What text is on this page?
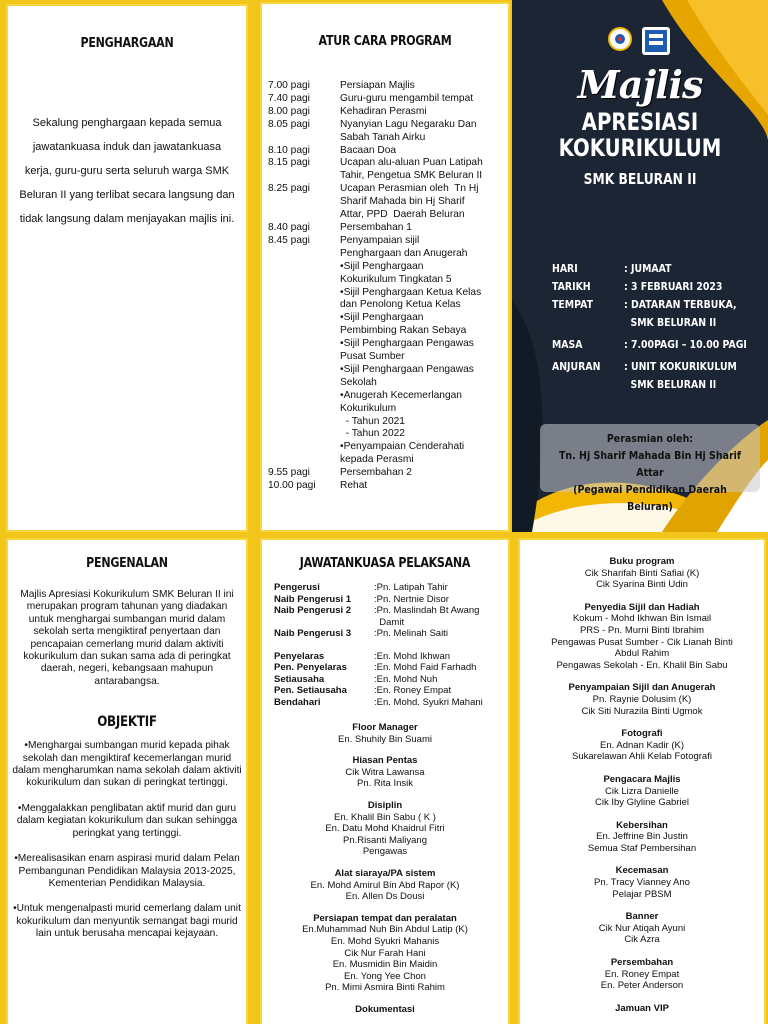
PENGHARGAAN
Sekalung penghargaan kepada semua jawatankuasa induk dan jawatankuasa kerja, guru-guru serta seluruh warga SMK Beluran II yang terlibat secara langsung dan tidak langsung dalam menjayakan majlis ini.
ATUR CARA PROGRAM
7.00 pagi	Persiapan Majlis
7.40 pagi	Guru-guru mengambil tempat
8.00 pagi	Kehadiran Perasmi
8.05 pagi	Nyanyian Lagu Negaraku Dan
Sabah Tanah Airku
8.10 pagi	Bacaan Doa
8.15 pagi	Ucapan alu-aluan Puan Latipah
Tahir, Pengetua SMK Beluran II
8.25 pagi	Ucapan Perasmian oleh  Tn Hj
Sharif Mahada bin Hj Sharif
Attar, PPD  Daerah Beluran
8.40 pagi	Persembahan 1
8.45 pagi	Penyampaian sijil
Penghargaan dan Anugerah
•Sijil Penghargaan
Kokurikulum Tingkatan 5
•Sijil Penghargaan Ketua Kelas
dan Penolong Ketua Kelas
•Sijil Penghargaan
Pembimbing Rakan Sebaya
•Sijil Penghargaan Pengawas
Pusat Sumber
•Sijil Penghargaan Pengawas
Sekolah
•Anugerah Kecemerlangan
Kokurikulum
- Tahun 2021
- Tahun 2022
•Penyampaian Cenderahati
kepada Perasmi
9.55 pagi	Persembahan 2
10.00 pagi	Rehat
Majlis
APRESIASI
KOKURIKULUM
SMK BELURAN II
HARI	: JUMAAT
TARIKH	: 3 FEBRUARI 2023
TEMPAT	: DATARAN TERBUKA,
SMK BELURAN II
MASA	: 7.00PAGI – 10.00 PAGI
ANJURAN	: UNIT KOKURIKULUM
SMK BELURAN II
Perasmian oleh:
Tn. Hj Sharif Mahada Bin Hj Sharif Attar
(Pegawai Pendidikan Daerah Beluran)
PENGENALAN
Majlis Apresiasi Kokurikulum SMK Beluran II ini merupakan program tahunan yang diadakan untuk menghargai sumbangan murid dalam sekolah serta mengiktiraf penyertaan dan pencapaian cemerlang murid dalam aktiviti kokurikulum dan sukan sama ada di peringkat daerah, negeri, kebangsaan mahupun antarabangsa.
OBJEKTIF

•Menghargai sumbangan murid kepada pihak sekolah dan mengiktiraf kecemerlangan murid dalam mengharumkan nama sekolah dalam aktiviti kokurikulum dan sukan di peringkat tertinggi.

•Menggalakkan penglibatan aktif murid dan guru dalam kegiatan kokurikulum dan sukan sehingga peringkat yang tertinggi.

•Merealisasikan enam aspirasi murid dalam Pelan Pembangunan Pendidikan Malaysia 2013-2025, Kementerian Pendidikan Malaysia.

•Untuk mengenalpasti murid cemerlang dalam unit kokurikulum dan menyuntik semangat bagi murid lain untuk berusaha mencapai kejayaan.

JAWATANKUASA PELAKSANA
Pengerusi	:Pn. Latipah Tahir
Naib Pengerusi 1	:Pn. Nertnie Disor
Naib Pengerusi 2	:Pn. Maslindah Bt Awang
Damit
Naib Pengerusi 3	:Pn. Melinah Saiti
Penyelaras	:En. Mohd Ikhwan
Pen. Penyelaras	:En. Mohd Faid Farhadh
Setiausaha	:En. Mohd Nuh
Pen. Setiausaha	:En. Roney Empat
Bendahari	:En. Mohd. Syukri Mahani
Floor Manager
En. Shuhily Bin Suami
Hiasan Pentas
Cik Witra Lawansa
Pn. Rita Insik
Disiplin
En. Khalil Bin Sabu ( K )
En. Datu Mohd Khaidrul Fitri
Pn.Risanti Maliyang
Pengawas
Alat siaraya/PA sistem
En. Mohd Amirul Bin Abd Rapor (K)
En. Allen Ds Dousi
Persiapan tempat dan peralatan
En.Muhammad Nuh Bin Abdul Latip (K)
En. Mohd Syukri Mahanis
Cik Nur Farah Hani
En. Musmidin Bin Maidin
En. Yong Yee Chon
Pn. Mimi Asmira Binti Rahim
Dokumentasi
Buku program
Cik Sharifah Binti Safiai (K)
Cik Syarina Binti Udin
Penyedia Sijil dan Hadiah
Kokum - Mohd Ikhwan Bin Ismail
PRS - Pn. Murni Binti Ibrahim
Pengawas Pusat Sumber - Cik Lianah Binti
Abdul Rahim
Pengawas Sekolah - En. Khalil Bin Sabu
Penyampaian Sijil dan Anugerah
Pn. Raynie Dolusim (K)
Cik Siti Nurazila Binti Ugmok
Fotografi
En. Adnan Kadir (K)
Sukarelawan Ahli Kelab Fotografi
Pengacara Majlis
Cik Lizra Danielle
Cik Iby Glyline Gabriel
Kebersihan
En. Jeffrine Bin Justin
Semua Staf Pembersihan
Kecemasan
Pn. Tracy Vianney Ano
Pelajar PBSM
Banner
Cik Nur Atiqah Ayuni
Cik Azra
Persembahan
En. Roney Empat
En. Peter Anderson
Jamuan VIP
